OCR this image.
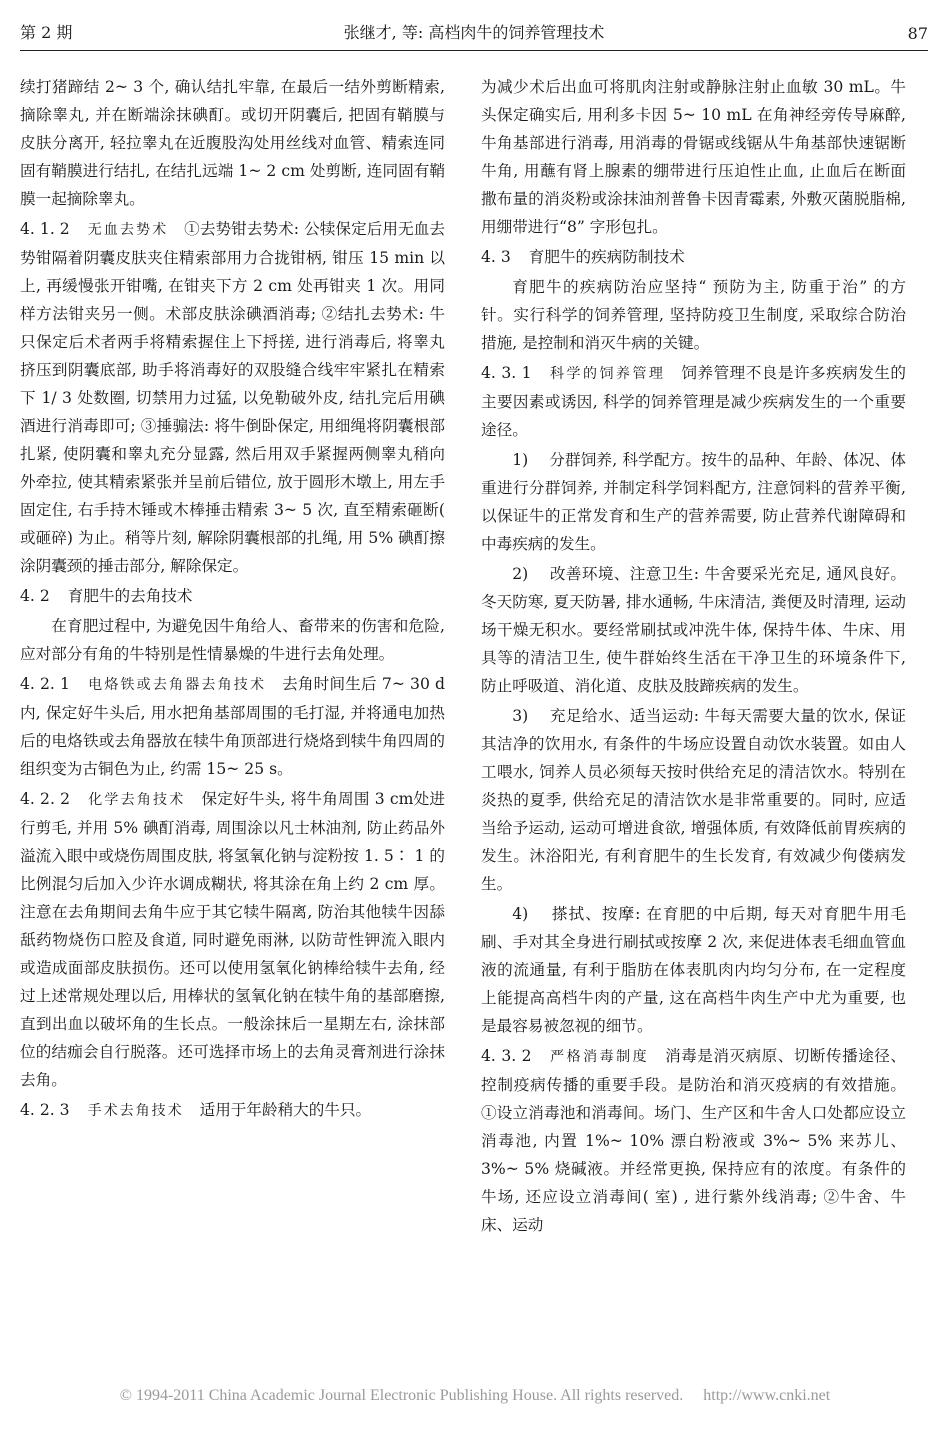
第 2 期	张继才, 等: 高档肉牛的饲养管理技术	87

续打猪蹄结 2~ 3 个, 确认结扎牢靠, 在最后一结外剪断精索, 摘除睾丸, 并在断端涂抹碘酊。或切开阴囊后, 把固有鞘膜与皮肤分离开, 轻拉睾丸在近腹股沟处用丝线对血管、精索连同固有鞘膜进行结扎, 在结扎远端 1~ 2 cm 处剪断, 连同固有鞘膜一起摘除睾丸。

4. 1. 2 无血去势术 ①去势钳去势术: 公犊保定后用无血去势钳隔着阴囊皮肤夹住精索部用力合拢钳柄, 钳压 15 min 以上, 再缓慢张开钳嘴, 在钳夹下方 2 cm 处再钳夹 1 次。用同样方法钳夹另一侧。术部皮肤涂碘酒消毒; ②结扎去势术: 牛只保定后术者两手将精索握住上下捋搓, 进行消毒后, 将睾丸挤压到阴囊底部, 助手将消毒好的双股缝合线牢牢紧扎在精索下 1/ 3 处数圈, 切禁用力过猛, 以免勒破外皮, 结扎完后用碘酒进行消毒即可; ③捶骟法: 将牛倒卧保定, 用细绳将阴囊根部扎紧, 使阴囊和睾丸充分显露, 然后用双手紧握两侧睾丸稍向外牵拉, 使其精索紧张并呈前后错位, 放于圆形木墩上, 用左手固定住, 右手持木锤或木棒捶击精索 3~ 5 次, 直至精索砸断( 或砸碎) 为止。稍等片刻, 解除阴囊根部的扎绳, 用 5% 碘酊擦涂阴囊颈的捶击部分, 解除保定。

4. 2 育肥牛的去角技术

在育肥过程中, 为避免因牛角给人、畜带来的伤害和危险, 应对部分有角的牛特别是性情暴燥的牛进行去角处理。

4. 2. 1 电烙铁或去角器去角技术 去角时间生后 7~ 30 d 内, 保定好牛头后, 用水把角基部周围的毛打湿, 并将通电加热后的电烙铁或去角器放在犊牛角顶部进行烧烙到犊牛角四周的组织变为古铜色为止, 约需 15~ 25 s。

4. 2. 2 化学去角技术 保定好牛头, 将牛角周围 3 cm处进行剪毛, 并用 5% 碘酊消毒, 周围涂以凡士林油剂, 防止药品外溢流入眼中或烧伤周围皮肤, 将氢氧化钠与淀粉按 1. 5∶ 1 的比例混匀后加入少许水调成糊状, 将其涂在角上约 2 cm 厚。注意在去角期间去角牛应于其它犊牛隔离, 防治其他犊牛因舔舐药物烧伤口腔及食道, 同时避免雨淋, 以防苛性钾流入眼内或造成面部皮肤损伤。还可以使用氢氧化钠棒给犊牛去角, 经过上述常规处理以后, 用棒状的氢氧化钠在犊牛角的基部磨擦, 直到出血以破坏角的生长点。一般涂抹后一星期左右, 涂抹部位的结痂会自行脱落。还可选择市场上的去角灵膏剂进行涂抹去角。

4. 2. 3 手术去角技术 适用于年龄稍大的牛只。

为减少术后出血可将肌肉注射或静脉注射止血敏 30 mL。牛头保定确实后, 用利多卡因 5~ 10 mL 在角神经旁传导麻醉, 牛角基部进行消毒, 用消毒的骨锯或线锯从牛角基部快速锯断牛角, 用蘸有肾上腺素的绷带进行压迫性止血, 止血后在断面撒布量的消炎粉或涂抹油剂普鲁卡因青霉素, 外敷灭菌脱脂棉, 用绷带进行“8” 字形包扎。

4. 3 育肥牛的疾病防制技术

育肥牛的疾病防治应坚持“ 预防为主, 防重于治” 的方针。实行科学的饲养管理, 坚持防疫卫生制度, 采取综合防治措施, 是控制和消灭牛病的关键。

4. 3. 1 科学的饲养管理 饲养管理不良是许多疾病发生的主要因素或诱因, 科学的饲养管理是减少疾病发生的一个重要途径。

1)　 分群饲养, 科学配方。按牛的品种、年龄、体况、体重进行分群饲养, 并制定科学饲料配方, 注意饲料的营养平衡, 以保证牛的正常发育和生产的营养需要, 防止营养代谢障碍和中毒疾病的发生。

2)　 改善环境、注意卫生: 牛舍要采光充足, 通风良好。冬天防寒, 夏天防暑, 排水通畅, 牛床清洁, 粪便及时清理, 运动场干燥无积水。要经常刷拭或冲洗牛体, 保持牛体、牛床、用具等的清洁卫生, 使牛群始终生活在干净卫生的环境条件下, 防止呼吸道、消化道、皮肤及肢蹄疾病的发生。

3)　 充足给水、适当运动: 牛每天需要大量的饮水, 保证其洁净的饮用水, 有条件的牛场应设置自动饮水装置。如由人工喂水, 饲养人员必须每天按时供给充足的清洁饮水。特别在炎热的夏季, 供给充足的清洁饮水是非常重要的。同时, 应适当给予运动, 运动可增进食欲, 增强体质, 有效降低前胃疾病的发生。沐浴阳光, 有利育肥牛的生长发育, 有效减少佝偻病发生。

4)　 搽拭、按摩: 在育肥的中后期, 每天对育肥牛用毛刷、手对其全身进行刷拭或按摩 2 次, 来促进体表毛细血管血液的流通量, 有利于脂肪在体表肌肉内均匀分布, 在一定程度上能提高高档牛肉的产量, 这在高档牛肉生产中尤为重要, 也是最容易被忽视的细节。

4. 3. 2 严格消毒制度 消毒是消灭病原、切断传播途径、控制疫病传播的重要手段。是防治和消灭疫病的有效措施。 ①设立消毒池和消毒间。场门、生产区和牛舍人口处都应设立消毒池, 内置 1%~ 10% 漂白粉液或 3%~ 5% 来苏儿、3%~ 5% 烧碱液。并经常更换, 保持应有的浓度。有条件的牛场, 还应设立消毒间( 室) , 进行紫外线消毒; ②牛舍、牛床、运动

© 1994-2011 China Academic Journal Electronic Publishing House. All rights reserved.　 http://www.cnki.net
